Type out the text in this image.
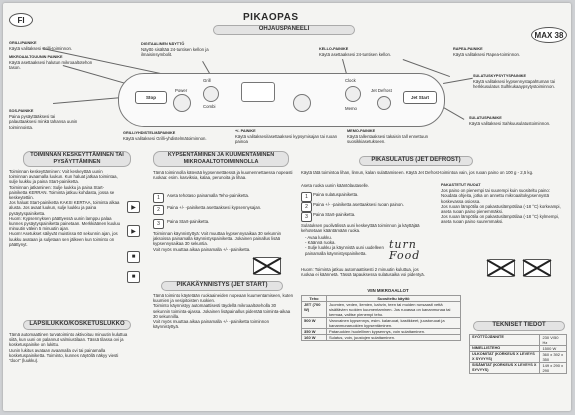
FI	PIKAOPAS
MAX 38
OHJAUSPANEELI
GRILLIPAINIKE
Käytä valitaksesi Grilli-toiminnon.
MIKROAALTOUUNIN PAINIKE
Käytä asettaaksesi halutun mikroaaltotehon tason.
SOS-PAINIKE
Paina pysäyttääksesi tai palauttaaksesi minkä tahansa uunin toiminnoista.
DIGITAALINEN NÄYTTÖ
Näyttö sisältää 24-tuntisen kellon ja ilmaisinsymbolit.
KELLO-PAINIKE
Käytä asettaaksesi 24-tuntisen kellon.
RAPEA-PAINIKE
Käytä valitaksesi Rapea-toiminnon.
SULATUSKYPSYTYSPAINIKE
Käytä valitaksesi kypsennystapahtuman tai herkkusulatus Sulhkukaaypsytystoiminnon.
SULATUSPAINIKE
Käytä valitaksesi Sahkuusulatustoiminnon.
GRILLIYHDISTELMÄPAINIKE
Käytä valitaksesi Grilli-yhdistelmätoiminnon.
+/- PAINIKE
Käytä valitaksesi/asettaaksesi kypsymisajan tai ruoan painoa
MEMO-PAINIKE
Käytä tallentaaksesi takaisin tall ennettuun suosikkiasetukseen.
Stop
Power
Grill
Combi
Clock
Memo
Jet Defrost
Jet Start
TOIMINNAN KESKEYTTÄMINEN TAI PYSÄYTTÄMINEN
Toiminnan keskeyttäminen: Voit keskeyttää uunin toiminnan avaamalla luukun. Kun haluat jatkaa toimintaa, sulje luukku ja paina Start-painiketta.
Toiminnan jatkaminen: Sulje luukku ja paina Start-painiketta KERRAN. Toiminta jatkuu kohdasta, jossa se keskeytettiin.
Jos haluat Start-painiketta KAKSI KERTAA, toiminta alkaa alusta. Jos avaat luukun, sulje luukku ja paina pysäytyspainiketta.
Huom: Kypsennyksen päättyessä uunin lamppu palaa kunnes pysäytyspainiketta painetaan. Merkkiäänen kuuluu minuutin välein 5 minuutin ajan.
Huom! Asetukset säilyvät muistissa 60 sekunnin ajan, jos luukku avataan ja suljetaan sen jälkeen kun toiminto on päättynyt.
▶
▶
■
■
LAPSILUKKO/KOSKETUSLUKKO
Tämä automaattinen turvatoiminto aktivoituu minuutin kuluttua siitä, kun uuni on palannut valmiustilaan. Tässä tilassa ovi ja kosketuspainike on lukittu.
Uunin lukitus avataan avaamalla ovi tai painamalla kosketuspainiketta. Toiminto, kunnes näytöllä näkyy viesti "door" (luukku).
KYPSENTÄMINEN JA KUUMENTAMINEN MIKROAALTOTOIMINNOLLA
Tämä toiminnolla kätevää kypsennettäessä ja kuumennettaessa nopeasti ruokaa: esim. kasviksia, kalaa, perunoita ja lihaa.
1	Aseta tehotaso painamalla Teho-painiketta.
2	Paina +/- -painiketta asettaaksesi kypsennysajan.
3	Paina Start-painiketta.
Toiminnan käynnistyttyä: Voit muuttaa kypsennysaikaa 30 sekunnin jaksoissa painamalla käynnistyspainiketta. Jokainen painallus lisää kypsennysaikaa 30 sekuntia.
Voit myös muuttaa aikaa painamalla +/- -painiketta.
PIKAKÄYNNISTYS (JET START)
Tämä toiminto käytetään ruokaaineiden nopeaan kuumentamiseen, kuten kuumien ja vesipitoisten ruokien.
Toiminto käynnistyy automaattisesti täydellä mikroaaltoteholla 30 sekunnin toiminta-ajassa. Jokainen lisäpainallus pidentää toiminta-aikaa 30 sekunnilla.
Voit myös muuttaa aikaa painamalla +/- -painiketta toiminnon käynnistyttyä.
PIKASULATUS (JET DEFROST)
Käytä tätä toimintoa lihan, linnun, kalan sulattamiseen. Käytä Jet Defrost-toimintoa vain, jos ruoan paino on 100 g - 2,5 kg.
Aseta ruoka uunin kääntölautaselle.
1	Paina sulatuspainiketta.
2	Paina +/- -painiketta asettaaksesi ruoan painon.
3	Paina Start-painiketta.
Sulatuksen puolivälissä uuni keskeyttää toiminnon ja käyttäjää kehotetaan kääntämään ruoka.
- Avaa luukku.
- Käännä ruoka.
- Sulje luukku ja käynnistä uuni uudelleen painamalla käynnistyspainiketta.
turn
Food
Huom: Toiminta jatkuu automaattisesti 2 minuutin kuluttua, jos ruokaa ei käännetä. Tässä tapauksessa sulatusaika voi pidentyä.
PAKASTETUT RUOAT
Jos paino on pienempi tai suurempi kuin suositeltu paino: Noudata ohjeita, jotka on annettu mikroaaltokypsennystä koskevassa osiossa.
Jos ruoan lämpötila on pakastuslämpötilaa (-18 °C) korkeampi, aseta ruoan paino pienemmäksi.
Jos ruoan lämpötila on pakastuslämpötilaa (-18 °C) kylmempi, aseta ruoan paino suuremmaksi.
VIIN MIKROAALLOT
Teho	Suositeltu käyttö
JET (700 W)	Juomien, veden, liemien, kahvin, teen tai muiden runsaasti vettä sisältävien ruokien kuumentaminen. Jos ruoassa on kananmunaa tai kermaa, valitse pienempi teho.
500 W	Varovainen kypsennys, esim. kalaruoat, kastikkeet, juustoruoat ja kananmunaruokien kypsentäminen.
350 W	Pataruokien huolellinen kypsennys, voin sulattaminen.
160 W	Sulatus, voin, juustojen sulattaminen.
TEKNISET TIEDOT
SYÖTTÖJÄNNITE	230 V/50 Hz
NIMELLISTEHO	1500 W
ULKOMITAT (KORKEUS X LEVEYS X SYVYYS)	360 x 392 x 350
SISÄMITAT (KORKEUS X LEVEYS X SYVYYS)	149 x 290 x 290
